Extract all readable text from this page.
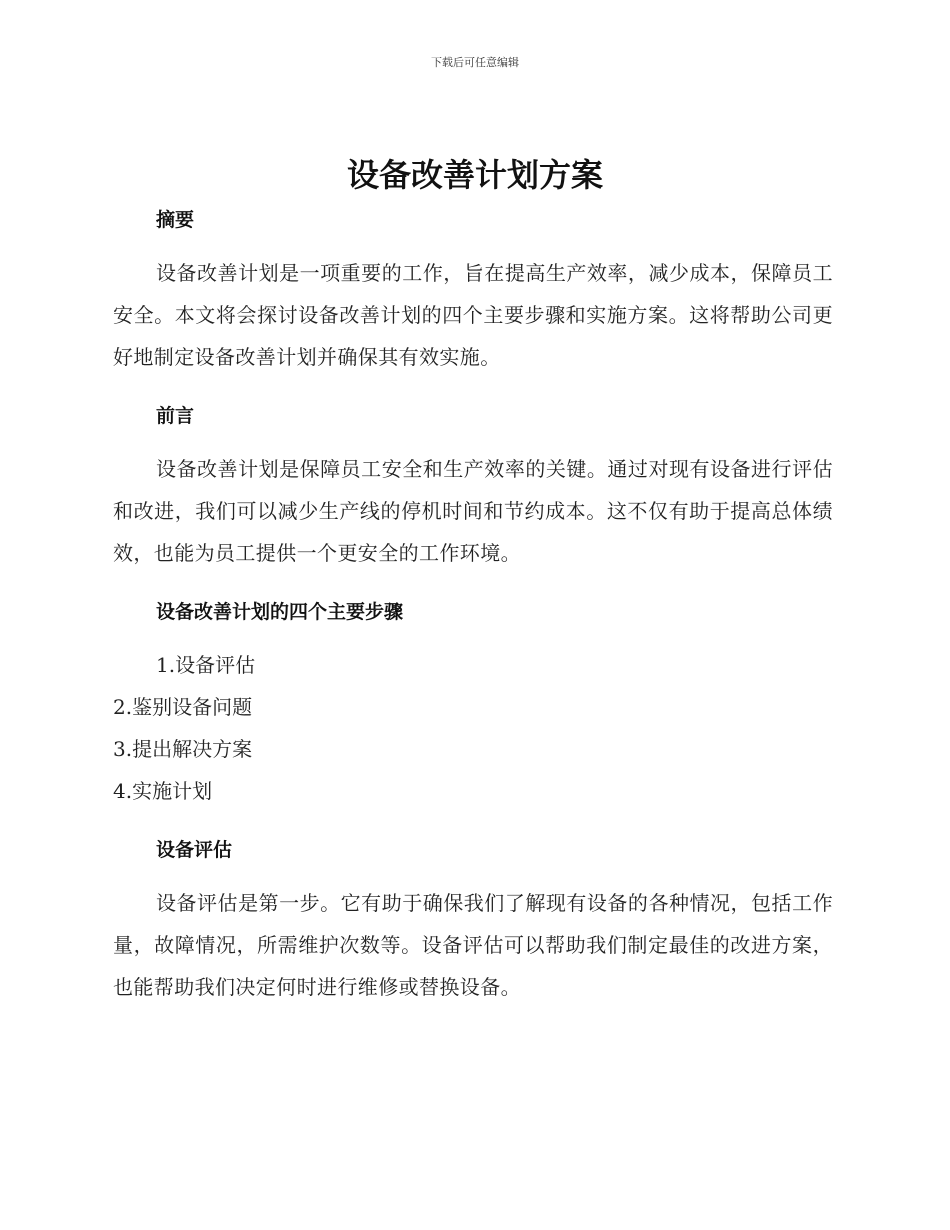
下载后可任意编辑
设备改善计划方案
摘要

设备改善计划是一项重要的工作，旨在提高生产效率，减少成本，保障员工安全。本文将会探讨设备改善计划的四个主要步骤和实施方案。这将帮助公司更好地制定设备改善计划并确保其有效实施。

前言

设备改善计划是保障员工安全和生产效率的关键。通过对现有设备进行评估和改进，我们可以减少生产线的停机时间和节约成本。这不仅有助于提高总体绩效，也能为员工提供一个更安全的工作环境。

设备改善计划的四个主要步骤
1.设备评估
2.鉴别设备问题
3.提出解决方案
4.实施计划
设备评估

设备评估是第一步。它有助于确保我们了解现有设备的各种情况，包括工作量，故障情况，所需维护次数等。设备评估可以帮助我们制定最佳的改进方案，也能帮助我们决定何时进行维修或替换设备。
